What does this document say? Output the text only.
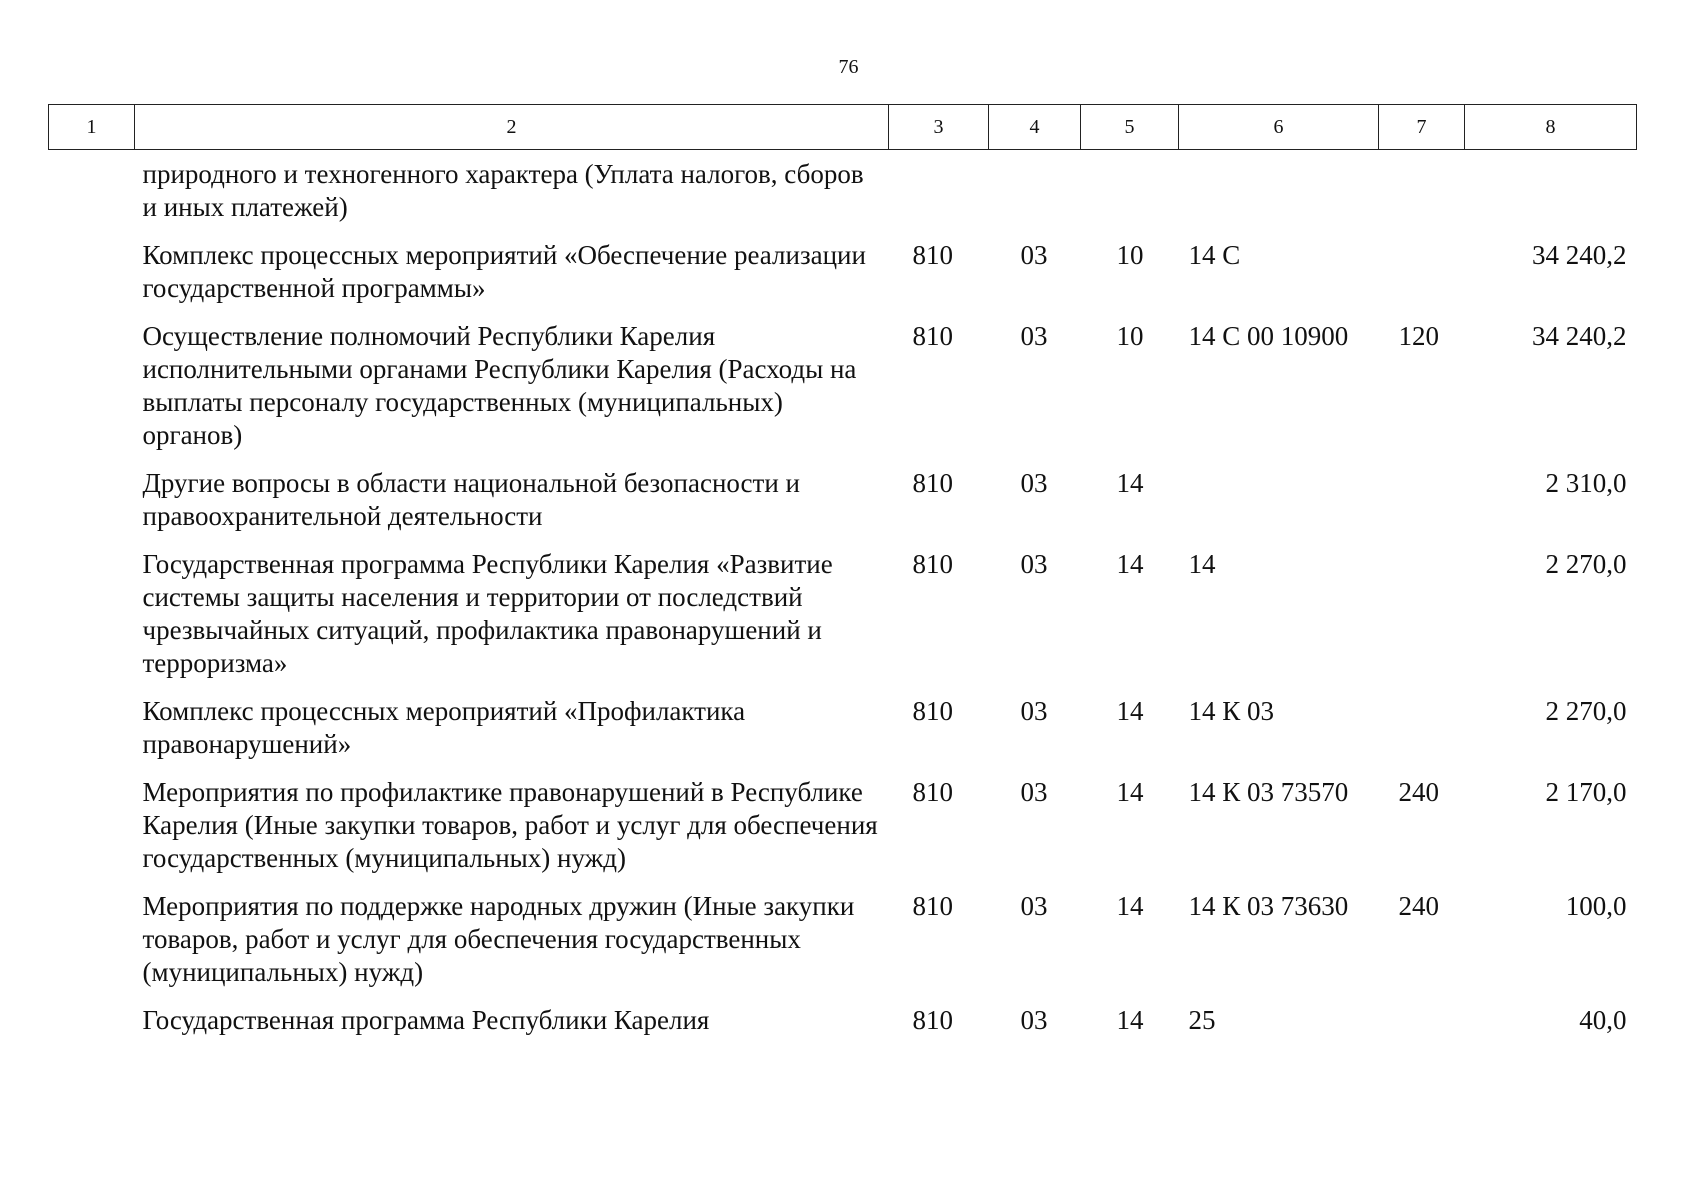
76
1	2	3	4	5	6	7	8
	природного и техногенного характера (Уплата налогов, сборов и иных платежей)						
	Комплекс процессных мероприятий «Обеспечение реализации государственной программы»	810	03	10	14 С		34 240,2
	Осуществление полномочий Республики Карелия исполнительными органами Республики Карелия (Расходы на выплаты персоналу государственных (муниципальных) органов)	810	03	10	14 С 00 10900	120	34 240,2
	Другие вопросы в области национальной безопасности и правоохранительной деятельности	810	03	14			2 310,0
	Государственная программа Республики Карелия «Развитие системы защиты населения и территории от последствий чрезвычайных ситуаций, профилактика правонарушений и терроризма»	810	03	14	14		2 270,0
	Комплекс процессных мероприятий «Профилактика правонарушений»	810	03	14	14 К 03		2 270,0
	Мероприятия по профилактике правонарушений в Республике Карелия (Иные закупки товаров, работ и услуг для обеспечения государственных (муниципальных) нужд)	810	03	14	14 К 03 73570	240	2 170,0
	Мероприятия по поддержке народных дружин (Иные закупки товаров, работ и услуг для обеспечения государственных (муниципальных) нужд)	810	03	14	14 К 03 73630	240	100,0
	Государственная программа Республики Карелия	810	03	14	25		40,0
